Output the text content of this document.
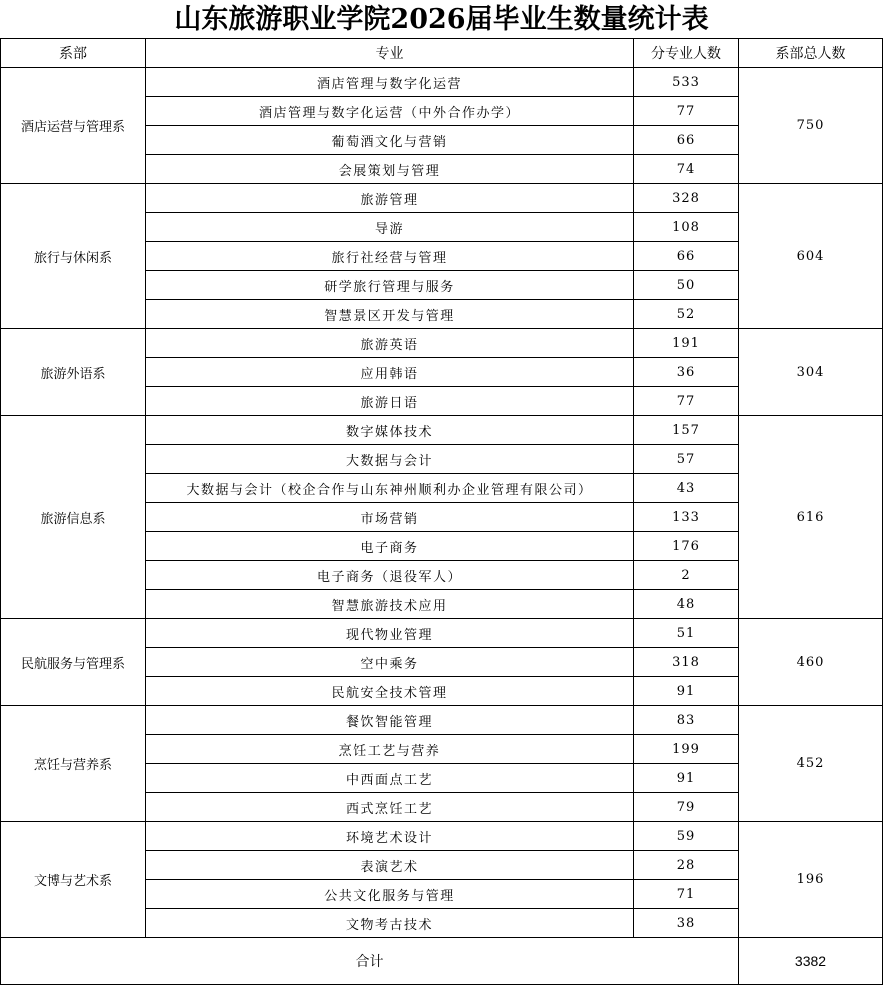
山东旅游职业学院2026届毕业生数量统计表
系部	专业	分专业人数	系部总人数
酒店运营与管理系	酒店管理与数字化运营	533	750
	酒店管理与数字化运营（中外合作办学）	77	
	葡萄酒文化与营销	66	
	会展策划与管理	74	
旅行与休闲系	旅游管理	328	604
	导游	108	
	旅行社经营与管理	66	
	研学旅行管理与服务	50	
	智慧景区开发与管理	52	
旅游外语系	旅游英语	191	304
	应用韩语	36	
	旅游日语	77	
旅游信息系	数字媒体技术	157	616
	大数据与会计	57	
	大数据与会计（校企合作与山东神州顺利办企业管理有限公司）	43	
	市场营销	133	
	电子商务	176	
	电子商务（退役军人）	2	
	智慧旅游技术应用	48	
民航服务与管理系	现代物业管理	51	460
	空中乘务	318	
	民航安全技术管理	91	
烹饪与营养系	餐饮智能管理	83	452
	烹饪工艺与营养	199	
	中西面点工艺	91	
	西式烹饪工艺	79	
文博与艺术系	环境艺术设计	59	196
	表演艺术	28	
	公共文化服务与管理	71	
	文物考古技术	38	
合计			3382
